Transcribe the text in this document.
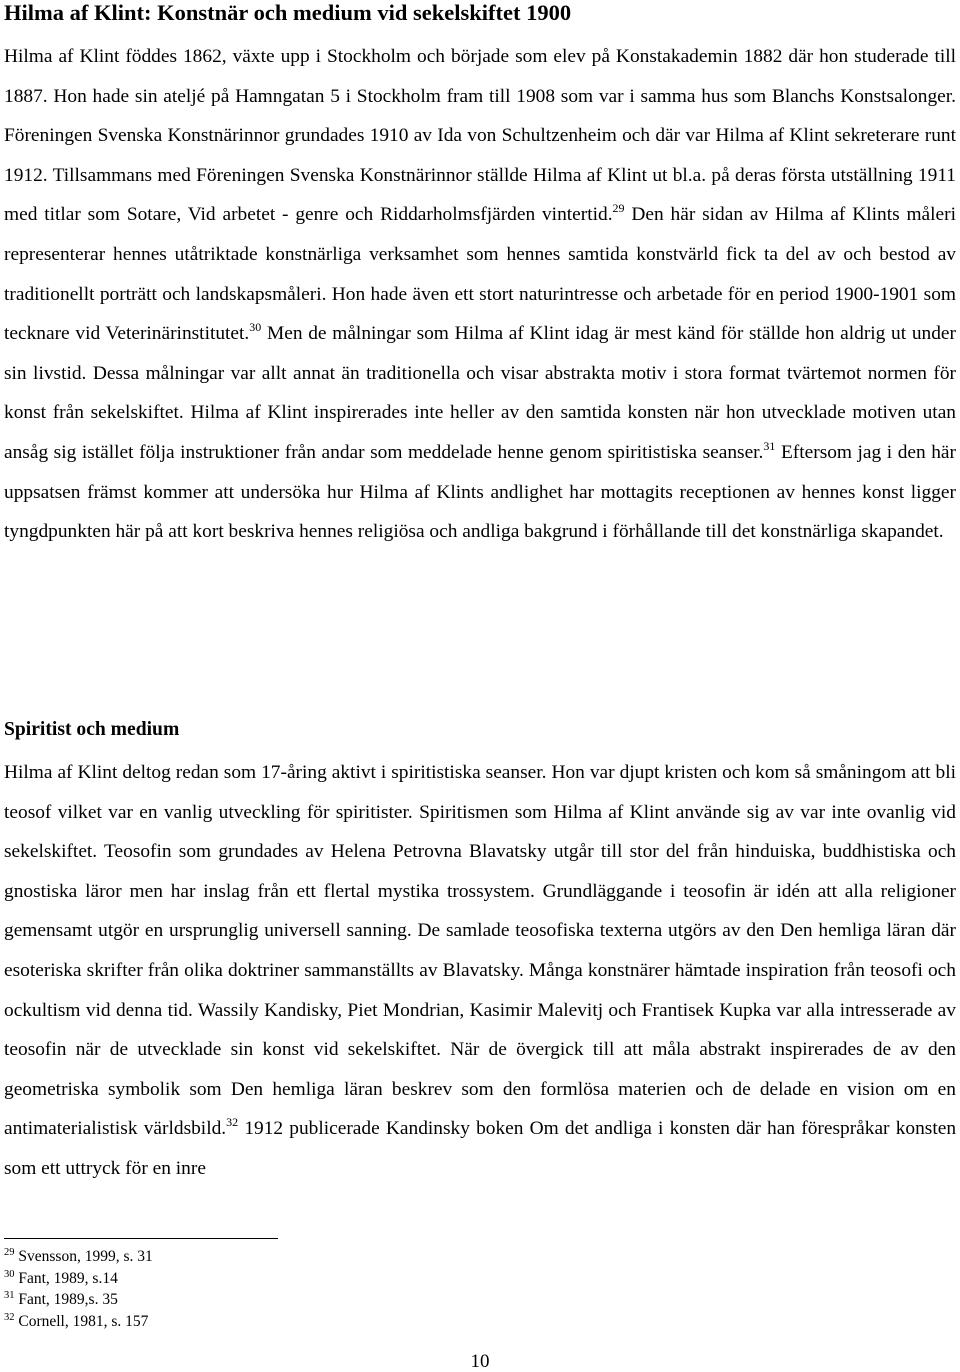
Hilma af Klint: Konstnär och medium vid sekelskiftet 1900

Hilma af Klint föddes 1862, växte upp i Stockholm och började som elev på Konstakademin 1882 där hon studerade till 1887. Hon hade sin ateljé på Hamngatan 5 i Stockholm fram till 1908 som var i samma hus som Blanchs Konstsalonger. Föreningen Svenska Konstnärinnor grundades 1910 av Ida von Schultzenheim och där var Hilma af Klint sekreterare runt 1912. Tillsammans med Föreningen Svenska Konstnärinnor ställde Hilma af Klint ut bl.a. på deras första utställning 1911 med titlar som Sotare, Vid arbetet - genre och Riddarholmsfjärden vintertid.$^{29}$ Den här sidan av Hilma af Klints måleri representerar hennes utåtriktade konstnärliga verksamhet som hennes samtida konstvärld fick ta del av och bestod av traditionellt porträtt och landskapsmåleri. Hon hade även ett stort naturintresse och arbetade för en period 1900-1901 som tecknare vid Veterinärinstitutet.$^{30}$ Men de målningar som Hilma af Klint idag är mest känd för ställde hon aldrig ut under sin livstid. Dessa målningar var allt annat än traditionella och visar abstrakta motiv i stora format tvärtemot normen för konst från sekelskiftet. Hilma af Klint inspirerades inte heller av den samtida konsten när hon utvecklade motiven utan ansåg sig istället följa instruktioner från andar som meddelade henne genom spiritistiska seanser.$^{31}$ Eftersom jag i den här uppsatsen främst kommer att undersöka hur Hilma af Klints andlighet har mottagits receptionen av hennes konst ligger tyngdpunkten här på att kort beskriva hennes religiösa och andliga bakgrund i förhållande till det konstnärliga skapandet.

Spiritist och medium

Hilma af Klint deltog redan som 17-åring aktivt i spiritistiska seanser. Hon var djupt kristen och kom så småningom att bli teosof vilket var en vanlig utveckling för spiritister. Spiritismen som Hilma af Klint använde sig av var inte ovanlig vid sekelskiftet. Teosofin som grundades av Helena Petrovna Blavatsky utgår till stor del från hinduiska, buddhistiska och gnostiska läror men har inslag från ett flertal mystika trossystem. Grundläggande i teosofin är idén att alla religioner gemensamt utgör en ursprunglig universell sanning. De samlade teosofiska texterna utgörs av den Den hemliga läran där esoteriska skrifter från olika doktriner sammanställts av Blavatsky. Många konstnärer hämtade inspiration från teosofi och ockultism vid denna tid. Wassily Kandisky, Piet Mondrian, Kasimir Malevitj och Frantisek Kupka var alla intresserade av teosofin när de utvecklade sin konst vid sekelskiftet. När de övergick till att måla abstrakt inspirerades de av den geometriska symbolik som Den hemliga läran beskrev som den formlösa materien och de delade en vision om en antimaterialistisk världsbild.$^{32}$ 1912 publicerade Kandinsky boken Om det andliga i konsten där han förespråkar konsten som ett uttryck för en inre

$^{29}$ Svensson, 1999, s. 31
$^{30}$ Fant, 1989, s.14
$^{31}$ Fant, 1989,s. 35
$^{32}$ Cornell, 1981, s. 157
10
